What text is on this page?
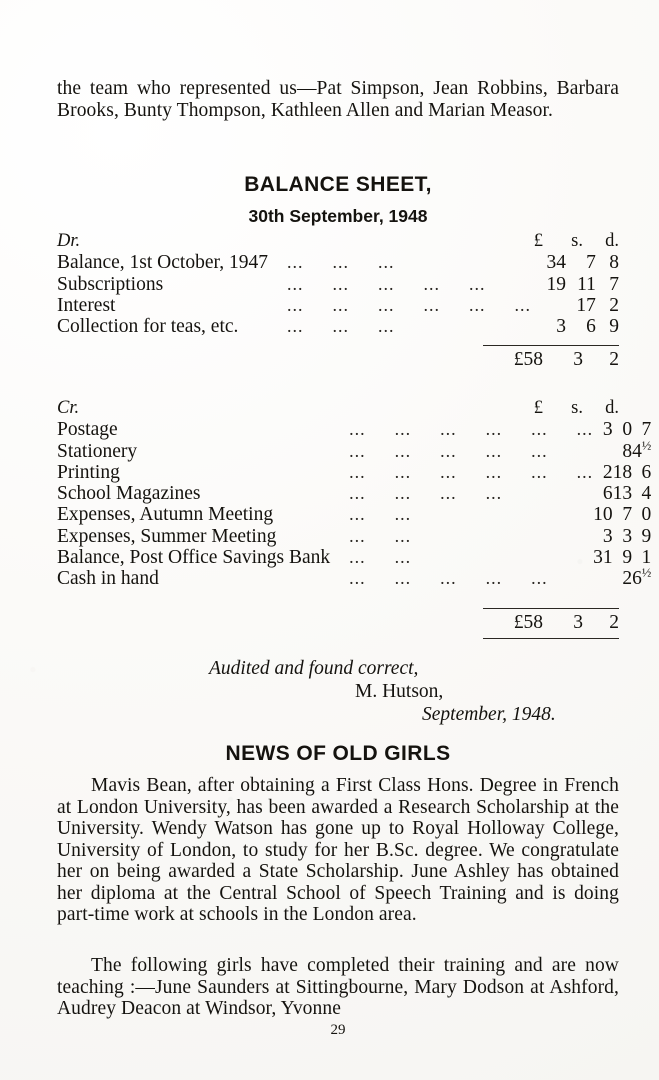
the team who represented us—Pat Simpson, Jean Robbins, Barbara Brooks, Bunty Thompson, Kathleen Allen and Marian Measor.

BALANCE SHEET,
30th September, 1948
Dr.		£	s.	d.
Balance, 1st October, 1947	 ...  ...  ...	34	7	8
Subscriptions	 ...  ...  ...  ...  ...	19	11	7
Interest	 ...  ...  ...  ...  ...  ...		17	2
Collection for teas, etc.	 ...  ...  ...	3	6	9
	£58	3	2
Cr.		£	s.	d.
Postage	 ...  ...  ...  ...  ...  ...	3	0	7
Stationery	 ...  ...  ...  ...  ...		8	$4^{\frac{1}{2}}$
Printing	 ...  ...  ...  ...  ...  ...	2	18	6
School Magazines	 ...  ...  ...  ...	6	13	4
Expenses, Autumn Meeting	 ...  ...	10	7	0
Expenses, Summer Meeting	 ...  ...	3	3	9
Balance, Post Office Savings Bank	 ...  ...	31	9	1
Cash in hand	 ...  ...  ...  ...  ...		2	$6^{\frac{1}{2}}$
	£58	3	2
Audited and found correct,
M. Hutson,
September, 1948.
NEWS OF OLD GIRLS

Mavis Bean, after obtaining a First Class Hons. Degree in French at London University, has been awarded a Research Scholarship at the University. Wendy Watson has gone up to Royal Holloway College, University of London, to study for her B.Sc. degree. We congratulate her on being awarded a State Scholarship. June Ashley has obtained her diploma at the Central School of Speech Training and is doing part-time work at schools in the London area.

The following girls have completed their training and are now teaching :—June Saunders at Sittingbourne, Mary Dodson at Ashford, Audrey Deacon at Windsor, Yvonne

29
